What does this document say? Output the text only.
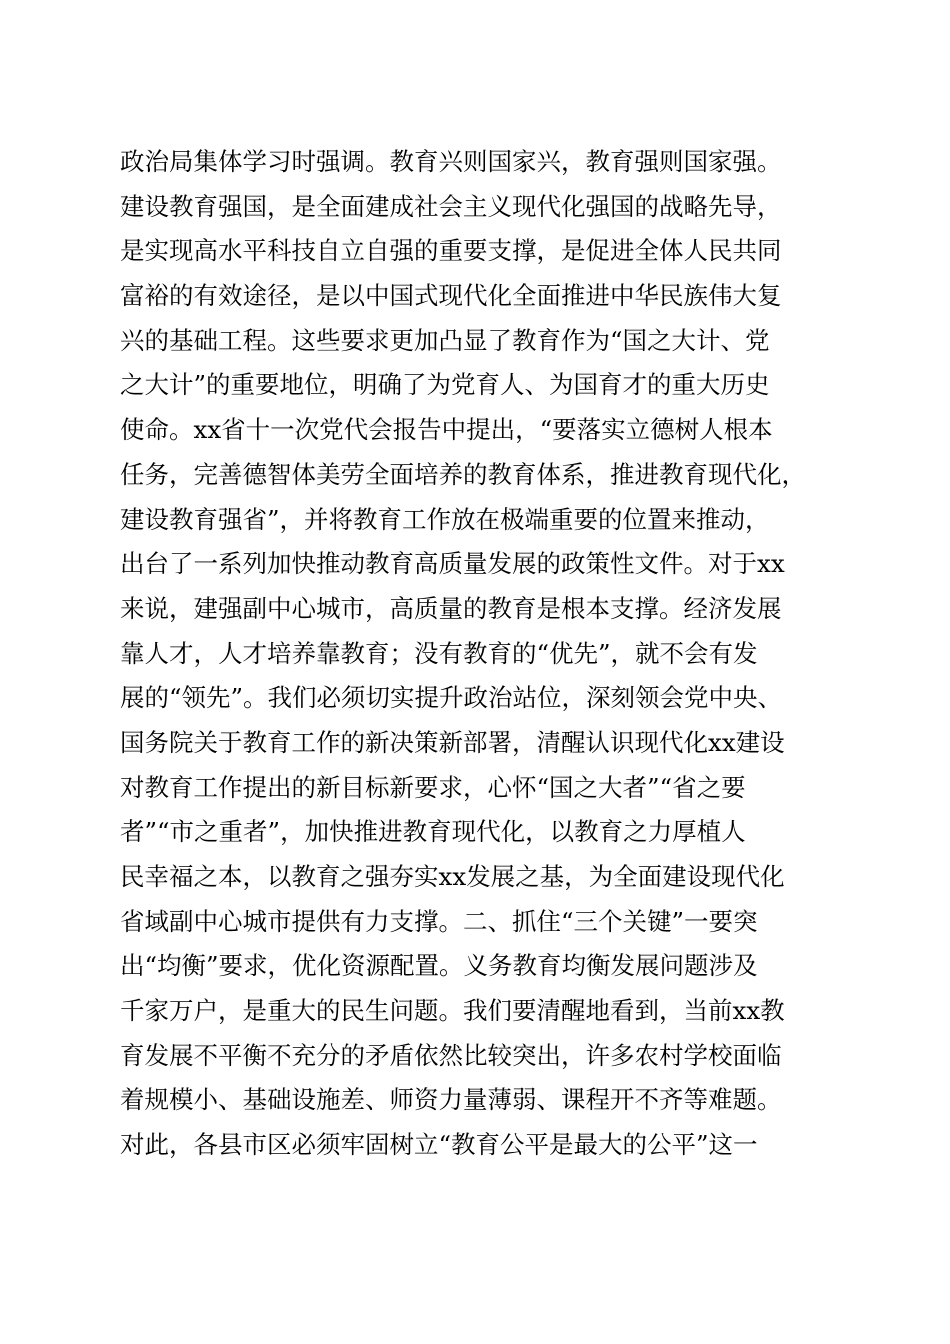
政治局集体学习时强调。教育兴则国家兴，教育强则国家强。
建设教育强国，是全面建成社会主义现代化强国的战略先导，
是实现高水平科技自立自强的重要支撑，是促进全体人民共同
富裕的有效途径，是以中国式现代化全面推进中华民族伟大复
兴的基础工程。这些要求更加凸显了教育作为“国之大计、党
之大计”的重要地位，明确了为党育人、为国育才的重大历史
使命。xx省十一次党代会报告中提出，“要落实立德树人根本
任务，完善德智体美劳全面培养的教育体系，推进教育现代化，
建设教育强省”，并将教育工作放在极端重要的位置来推动，
出台了一系列加快推动教育高质量发展的政策性文件。对于xx
来说，建强副中心城市，高质量的教育是根本支撑。经济发展
靠人才，人才培养靠教育；没有教育的“优先”，就不会有发
展的“领先”。我们必须切实提升政治站位，深刻领会党中央、
国务院关于教育工作的新决策新部署，清醒认识现代化xx建设
对教育工作提出的新目标新要求，心怀“国之大者”“省之要
者”“市之重者”，加快推进教育现代化，以教育之力厚植人
民幸福之本，以教育之强夯实xx发展之基，为全面建设现代化
省域副中心城市提供有力支撑。二、抓住“三个关键”一要突
出“均衡”要求，优化资源配置。义务教育均衡发展问题涉及
千家万户，是重大的民生问题。我们要清醒地看到，当前xx教
育发展不平衡不充分的矛盾依然比较突出，许多农村学校面临
着规模小、基础设施差、师资力量薄弱、课程开不齐等难题。
对此，各县市区必须牢固树立“教育公平是最大的公平”这一
